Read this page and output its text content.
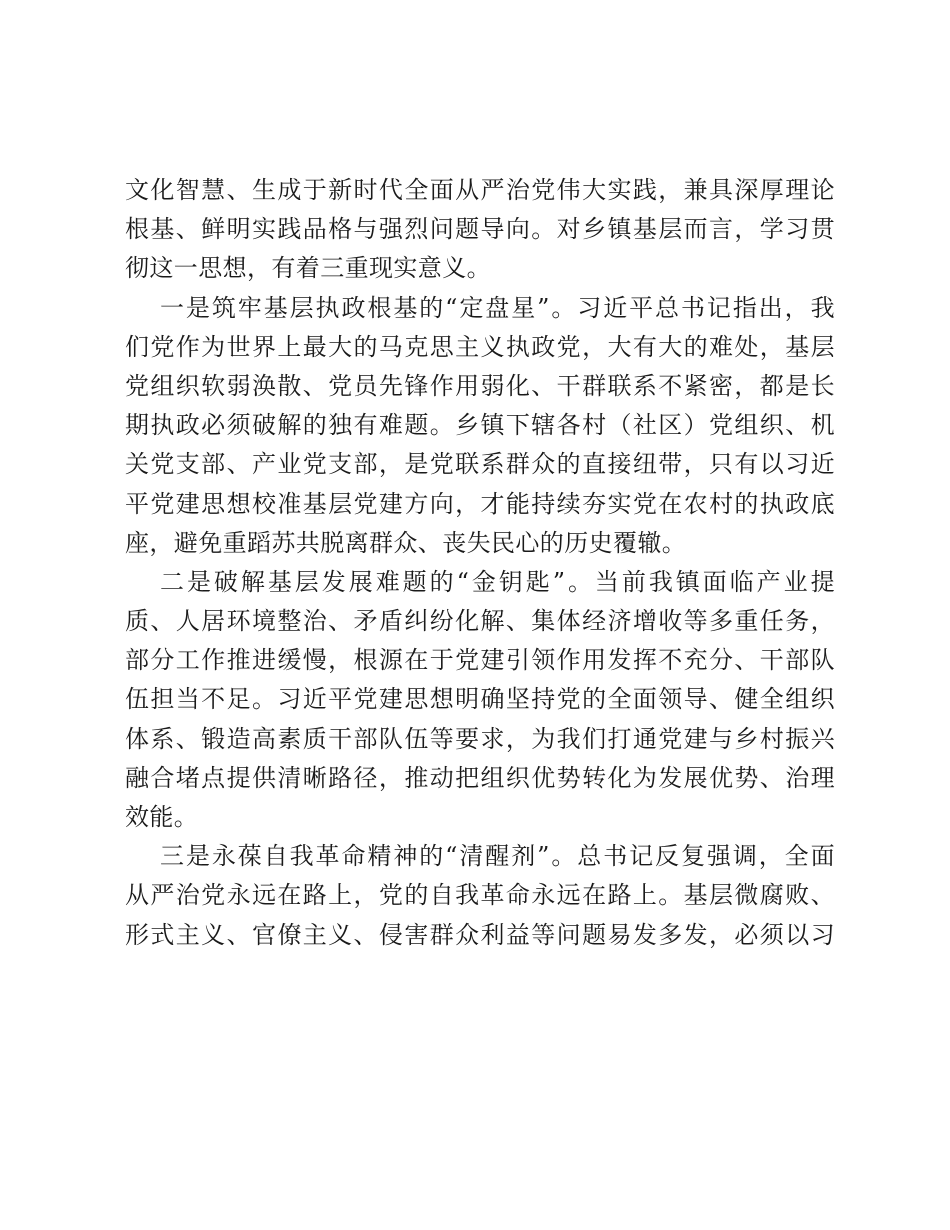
文化智慧、生成于新时代全面从严治党伟大实践，兼具深厚理论
根基、鲜明实践品格与强烈问题导向。对乡镇基层而言，学习贯
彻这一思想，有着三重现实意义。
一是筑牢基层执政根基的“定盘星”。习近平总书记指出，我
们党作为世界上最大的马克思主义执政党，大有大的难处，基层
党组织软弱涣散、党员先锋作用弱化、干群联系不紧密，都是长
期执政必须破解的独有难题。乡镇下辖各村（社区）党组织、机
关党支部、产业党支部，是党联系群众的直接纽带，只有以习近
平党建思想校准基层党建方向，才能持续夯实党在农村的执政底
座，避免重蹈苏共脱离群众、丧失民心的历史覆辙。
二是破解基层发展难题的“金钥匙”。当前我镇面临产业提
质、人居环境整治、矛盾纠纷化解、集体经济增收等多重任务，
部分工作推进缓慢，根源在于党建引领作用发挥不充分、干部队
伍担当不足。习近平党建思想明确坚持党的全面领导、健全组织
体系、锻造高素质干部队伍等要求，为我们打通党建与乡村振兴
融合堵点提供清晰路径，推动把组织优势转化为发展优势、治理
效能。
三是永葆自我革命精神的“清醒剂”。总书记反复强调，全面
从严治党永远在路上，党的自我革命永远在路上。基层微腐败、
形式主义、官僚主义、侵害群众利益等问题易发多发，必须以习
